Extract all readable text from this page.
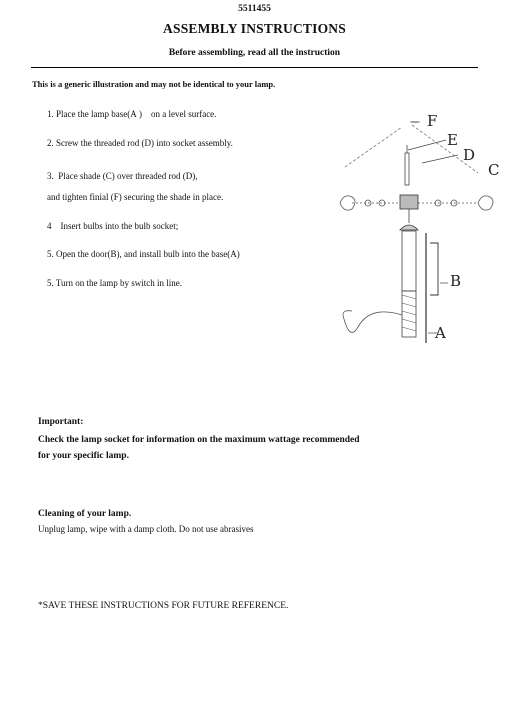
5511455
ASSEMBLY INSTRUCTIONS
Before assembling, read all the instruction
This is a generic illustration and may not be identical to your lamp.
1. Place the lamp base(A )    on a level surface.
2. Screw the threaded rod (D) into socket assembly.
3.  Place shade (C) over threaded rod (D),
and tighten finial (F) securing the shade in place.
4    Insert bulbs into the bulb socket;
5. Open the door(B), and install bulb into the base(A)
5. Turn on the lamp by switch in line.
F
E
D
C
B
A
Important:
Check the lamp socket for information on the maximum wattage recommended for your specific lamp.
Cleaning of your lamp.
Unplug lamp, wipe with a damp cloth. Do not use abrasives
*SAVE THESE INSTRUCTIONS FOR FUTURE REFERENCE.
